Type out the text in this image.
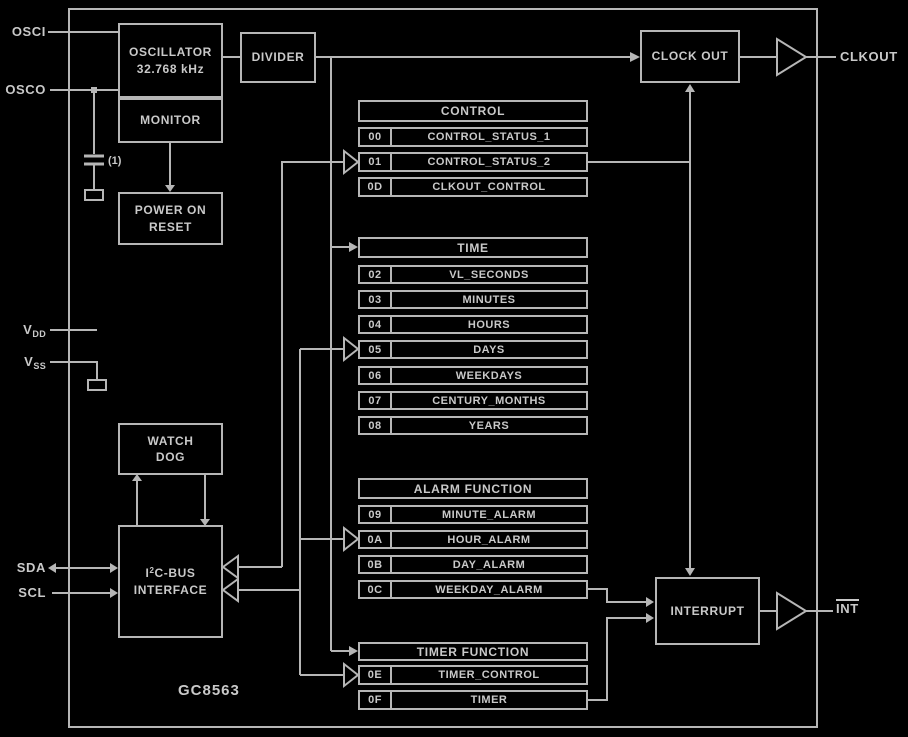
OSCILLATOR
32.768 kHz
MONITOR
DIVIDER
POWER ON
RESET
WATCH
DOG
$I^2C$-BUS
INTERFACE
CLOCK OUT
INTERRUPT
CONTROL
00	CONTROL_STATUS_1
01	CONTROL_STATUS_2
0D	CLKOUT_CONTROL
TIME
02	VL_SECONDS
03	MINUTES
04	HOURS
05	DAYS
06	WEEKDAYS
07	CENTURY_MONTHS
08	YEARS
ALARM FUNCTION
09	MINUTE_ALARM
0A	HOUR_ALARM
0B	DAY_ALARM
0C	WEEKDAY_ALARM
TIMER FUNCTION
0E	TIMER_CONTROL
0F	TIMER
OSCI
OSCO
$V_{DD}$
$V_{SS}$
SDA
SCL
CLKOUT
INT
(1)
GC8563
